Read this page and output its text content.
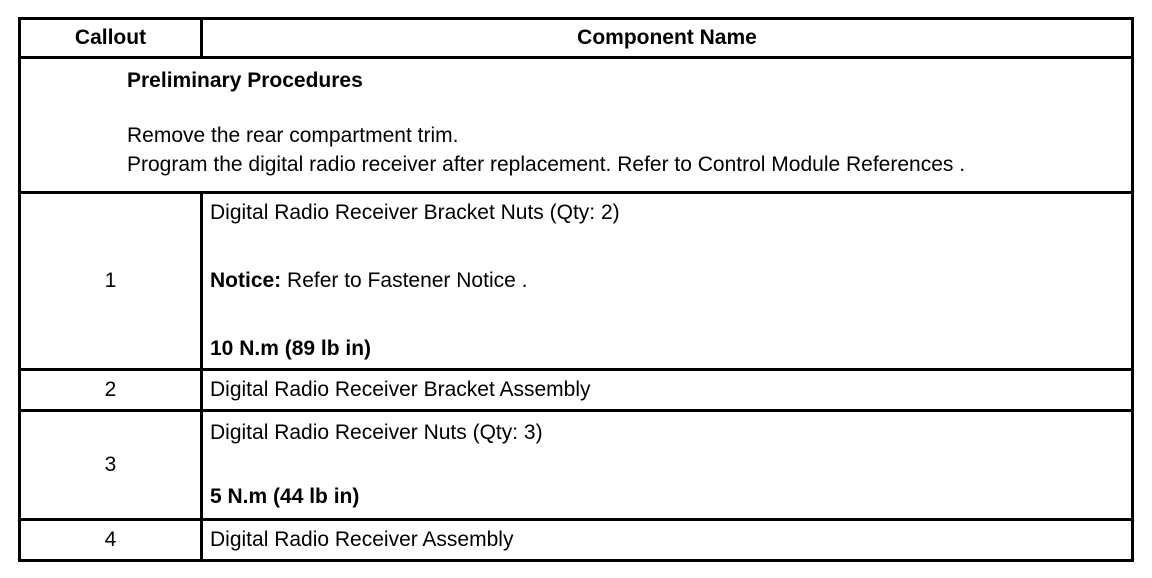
Callout	Component Name

Preliminary Procedures
Remove the rear compartment trim.
Program the digital radio receiver after replacement. Refer to Control Module References .	

1	Digital Radio Receiver Bracket Nuts (Qty: 2)
Notice: Refer to Fastener Notice .
10 N.m (89 lb in)

2	Digital Radio Receiver Bracket Assembly

3	Digital Radio Receiver Nuts (Qty: 3)
5 N.m (44 lb in)

4	Digital Radio Receiver Assembly
